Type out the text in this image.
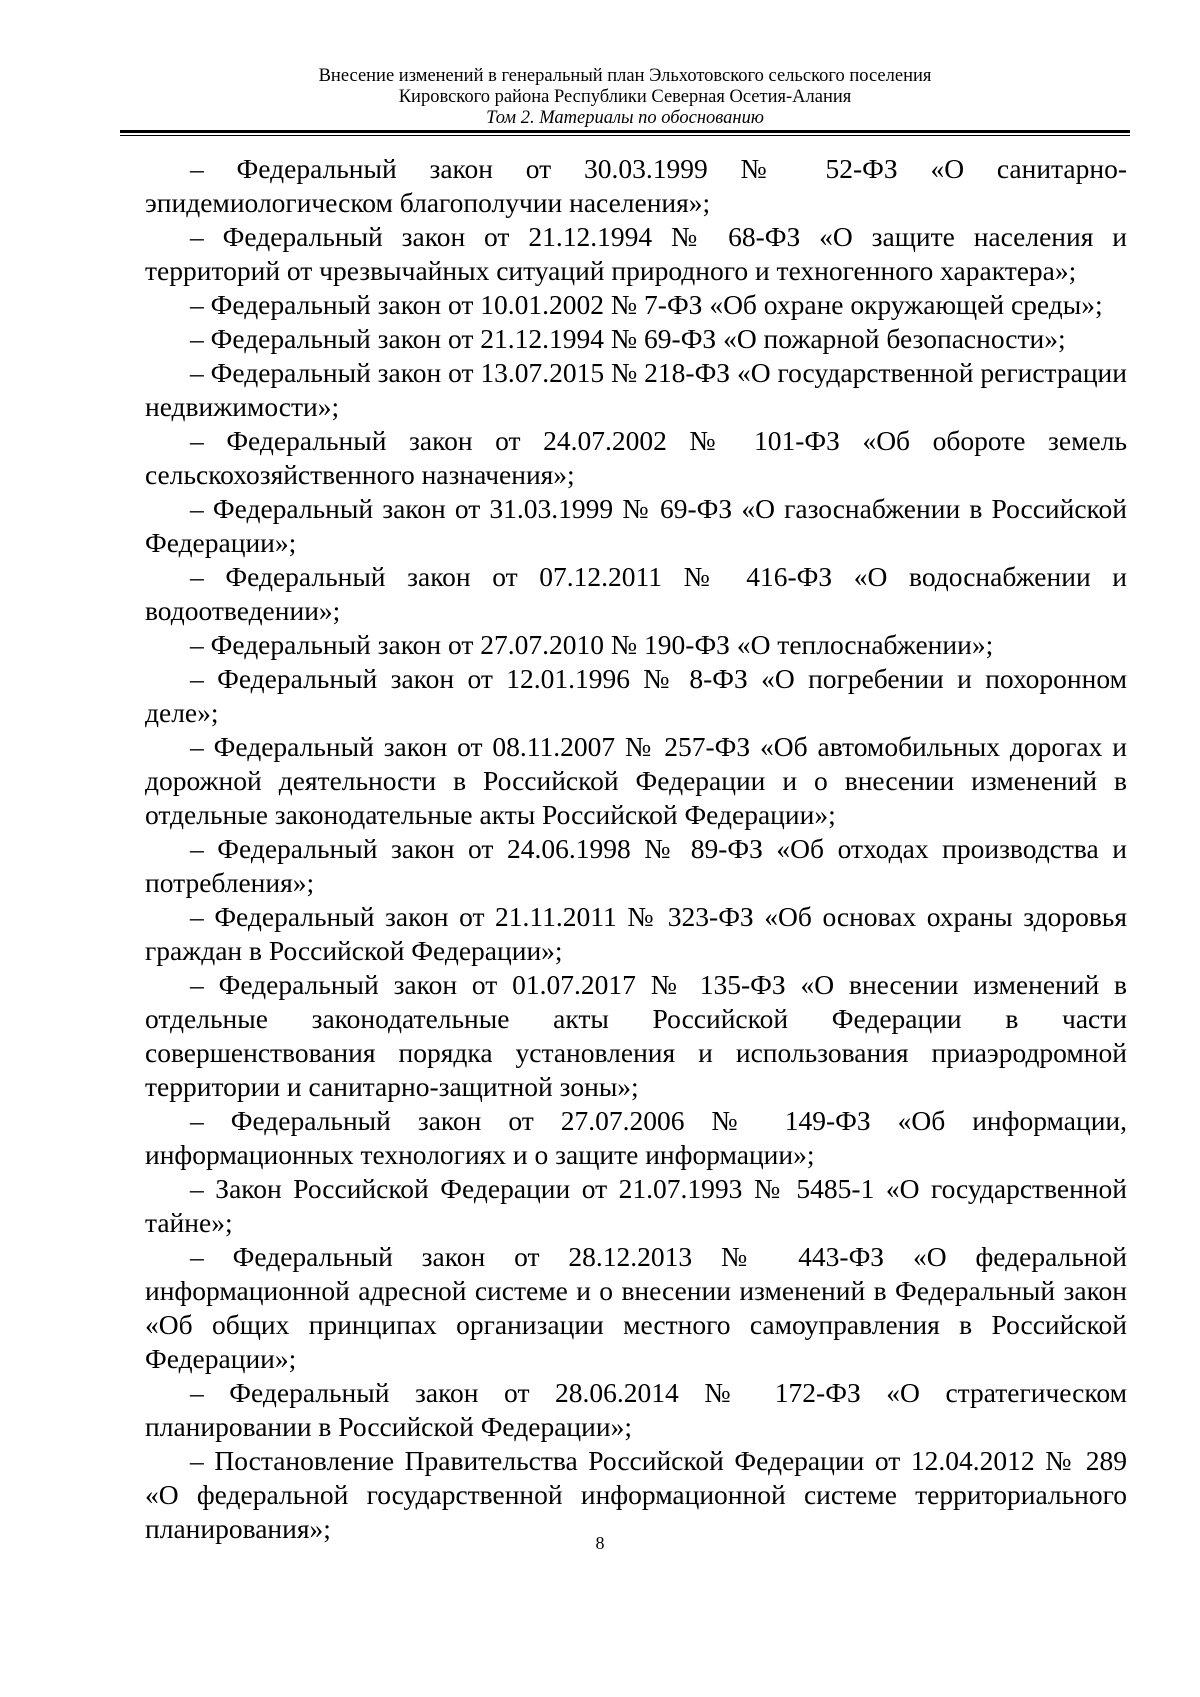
Внесение изменений в генеральный план Эльхотовского сельского поселения
Кировского района Республики Северная Осетия-Алания
Том 2. Материалы по обоснованию

– Федеральный закон от 30.03.1999 № 52-ФЗ «О санитарно-эпидемиологическом благополучии населения»;

– Федеральный закон от 21.12.1994 № 68-ФЗ «О защите населения и территорий от чрезвычайных ситуаций природного и техногенного характера»;

– Федеральный закон от 10.01.2002 № 7-ФЗ «Об охране окружающей среды»;

– Федеральный закон от 21.12.1994 № 69-ФЗ «О пожарной безопасности»;

– Федеральный закон от 13.07.2015 № 218-ФЗ «О государственной регистрации недвижимости»;

– Федеральный закон от 24.07.2002 № 101-ФЗ «Об обороте земель сельскохозяйственного назначения»;

– Федеральный закон от 31.03.1999 № 69-ФЗ «О газоснабжении в Российской Федерации»;

– Федеральный закон от 07.12.2011 № 416-ФЗ «О водоснабжении и водоотведении»;

– Федеральный закон от 27.07.2010 № 190-ФЗ «О теплоснабжении»;

– Федеральный закон от 12.01.1996 № 8-ФЗ «О погребении и похоронном деле»;

– Федеральный закон от 08.11.2007 № 257-ФЗ «Об автомобильных дорогах и дорожной деятельности в Российской Федерации и о внесении изменений в отдельные законодательные акты Российской Федерации»;

– Федеральный закон от 24.06.1998 № 89-ФЗ «Об отходах производства и потребления»;

– Федеральный закон от 21.11.2011 № 323-ФЗ «Об основах охраны здоровья граждан в Российской Федерации»;

– Федеральный закон от 01.07.2017 № 135-ФЗ «О внесении изменений в отдельные законодательные акты Российской Федерации в части совершенствования порядка установления и использования приаэродромной территории и санитарно-защитной зоны»;

– Федеральный закон от 27.07.2006 № 149-ФЗ «Об информации, информационных технологиях и о защите информации»;

– Закон Российской Федерации от 21.07.1993 № 5485-1 «О государственной тайне»;

– Федеральный закон от 28.12.2013 № 443-ФЗ «О федеральной информационной адресной системе и о внесении изменений в Федеральный закон «Об общих принципах организации местного самоуправления в Российской Федерации»;

– Федеральный закон от 28.06.2014 № 172-ФЗ «О стратегическом планировании в Российской Федерации»;

– Постановление Правительства Российской Федерации от 12.04.2012 № 289 «О федеральной государственной информационной системе территориального планирования»;	8
